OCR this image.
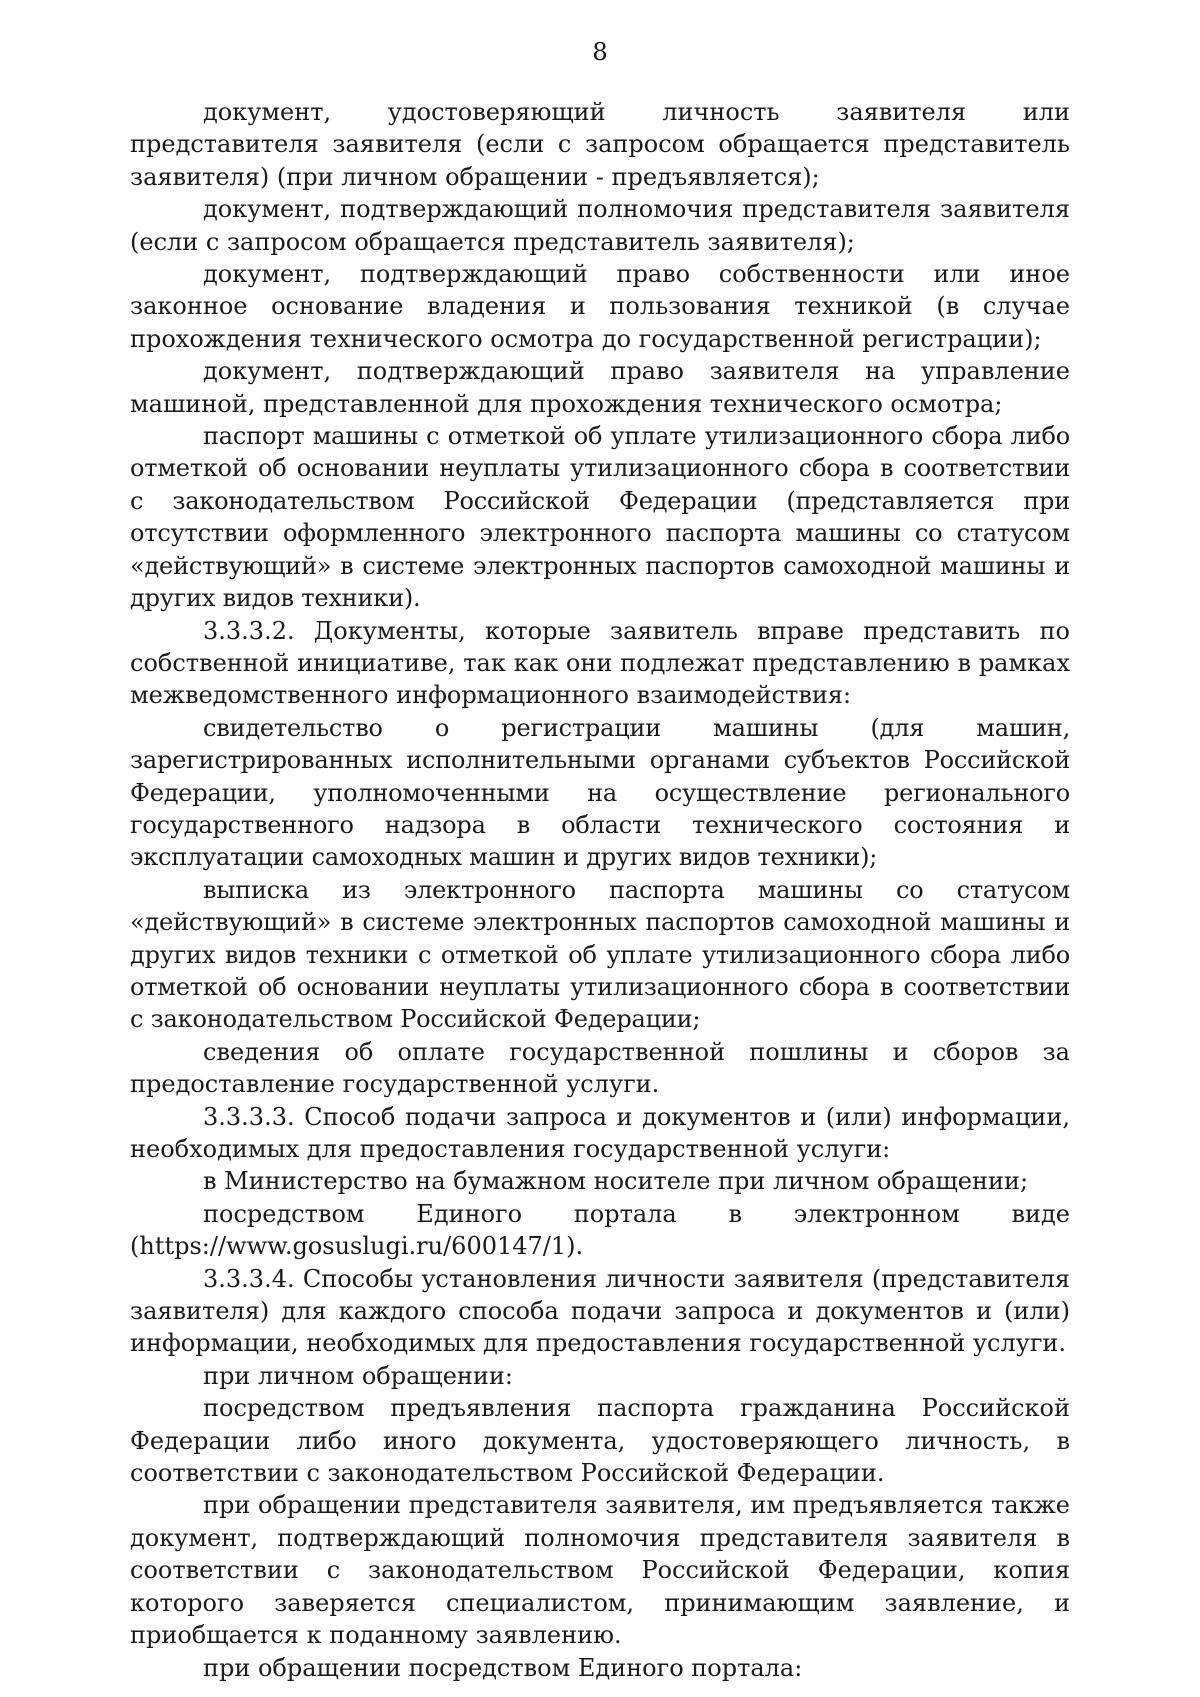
8

документ, удостоверяющий личность заявителя или представителя заявителя (если с запросом обращается представитель заявителя) (при личном обращении - предъявляется);

документ, подтверждающий полномочия представителя заявителя (если с запросом обращается представитель заявителя);

документ, подтверждающий право собственности или иное законное основание владения и пользования техникой (в случае прохождения технического осмотра до государственной регистрации);

документ, подтверждающий право заявителя на управление машиной, представленной для прохождения технического осмотра;

паспорт машины с отметкой об уплате утилизационного сбора либо отметкой об основании неуплаты утилизационного сбора в соответствии с законодательством Российской Федерации (представляется при отсутствии оформленного электронного паспорта машины со статусом «действующий» в системе электронных паспортов самоходной машины и других видов техники).

3.3.3.2. Документы, которые заявитель вправе представить по собственной инициативе, так как они подлежат представлению в рамках межведомственного информационного взаимодействия:

свидетельство о регистрации машины (для машин, зарегистрированных исполнительными органами субъектов Российской Федерации, уполномоченными на осуществление регионального государственного надзора в области технического состояния и эксплуатации самоходных машин и других видов техники);

выписка из электронного паспорта машины со статусом «действующий» в системе электронных паспортов самоходной машины и других видов техники с отметкой об уплате утилизационного сбора либо отметкой об основании неуплаты утилизационного сбора в соответствии с законодательством Российской Федерации;

сведения об оплате государственной пошлины и сборов за предоставление государственной услуги.

3.3.3.3. Способ подачи запроса и документов и (или) информации, необходимых для предоставления государственной услуги:

в Министерство на бумажном носителе при личном обращении;

посредством Единого портала в электронном виде (https://www.gosuslugi.ru/600147/1).

3.3.3.4. Способы установления личности заявителя (представителя заявителя) для каждого способа подачи запроса и документов и (или) информации, необходимых для предоставления государственной услуги.

при личном обращении:

посредством предъявления паспорта гражданина Российской Федерации либо иного документа, удостоверяющего личность, в соответствии с законодательством Российской Федерации.

при обращении представителя заявителя, им предъявляется также документ, подтверждающий полномочия представителя заявителя в соответствии с законодательством Российской Федерации, копия которого заверяется специалистом, принимающим заявление, и приобщается к поданному заявлению.

при обращении посредством Единого портала:
